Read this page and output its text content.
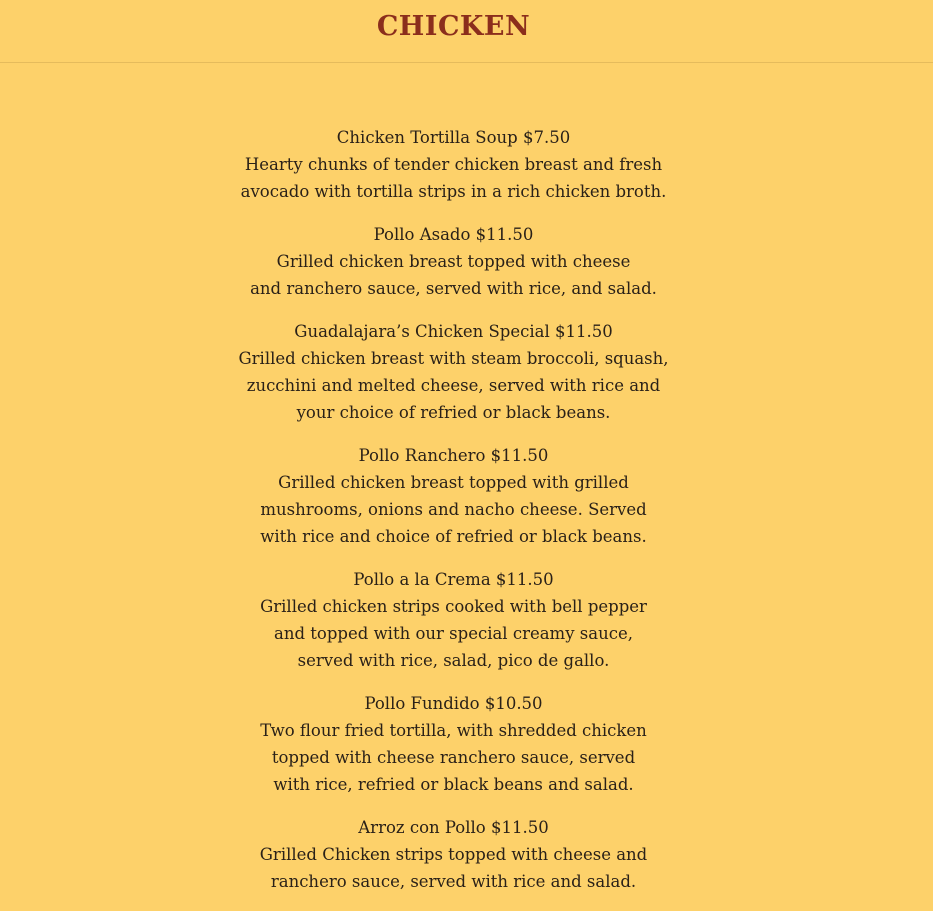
CHICKEN
Chicken Tortilla Soup $7.50
Hearty chunks of tender chicken breast and fresh
avocado with tortilla strips in a rich chicken broth.
Pollo Asado $11.50
Grilled chicken breast topped with cheese
and ranchero sauce, served with rice, and salad.
Guadalajara’s Chicken Special $11.50
Grilled chicken breast with steam broccoli, squash,
zucchini and melted cheese, served with rice and
your choice of refried or black beans.
Pollo Ranchero $11.50
Grilled chicken breast topped with grilled
mushrooms, onions and nacho cheese. Served
with rice and choice of refried or black beans.
Pollo a la Crema $11.50
Grilled chicken strips cooked with bell pepper
and topped with our special creamy sauce,
served with rice, salad, pico de gallo.
Pollo Fundido $10.50
Two flour fried tortilla, with shredded chicken
topped with cheese ranchero sauce, served
with rice, refried or black beans and salad.
Arroz con Pollo $11.50
Grilled Chicken strips topped with cheese and
ranchero sauce, served with rice and salad.
